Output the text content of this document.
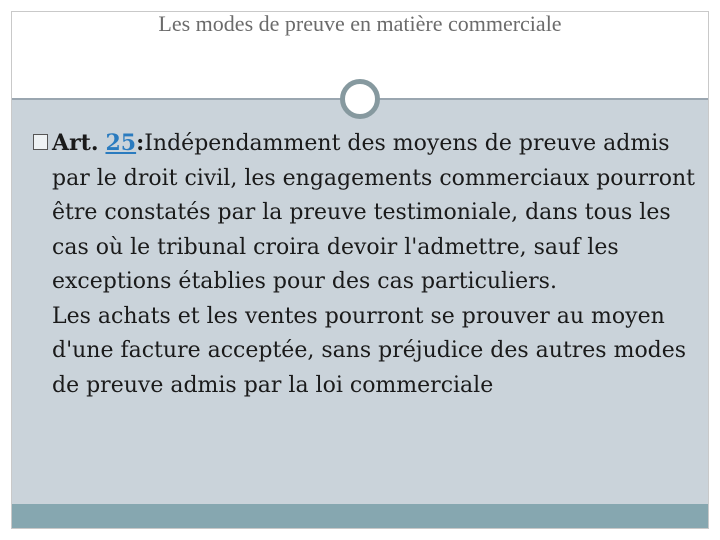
Les modes de preuve en matière commerciale

Art. 25:Indépendamment des moyens de preuve admis par le droit civil, les engagements commerciaux pourront être constatés par la preuve testimoniale, dans tous les cas où le tribunal croira devoir l'admettre, sauf les exceptions établies pour des cas particuliers.

Les achats et les ventes pourront se prouver au moyen d'une facture acceptée, sans préjudice des autres modes de preuve admis par la loi commerciale
